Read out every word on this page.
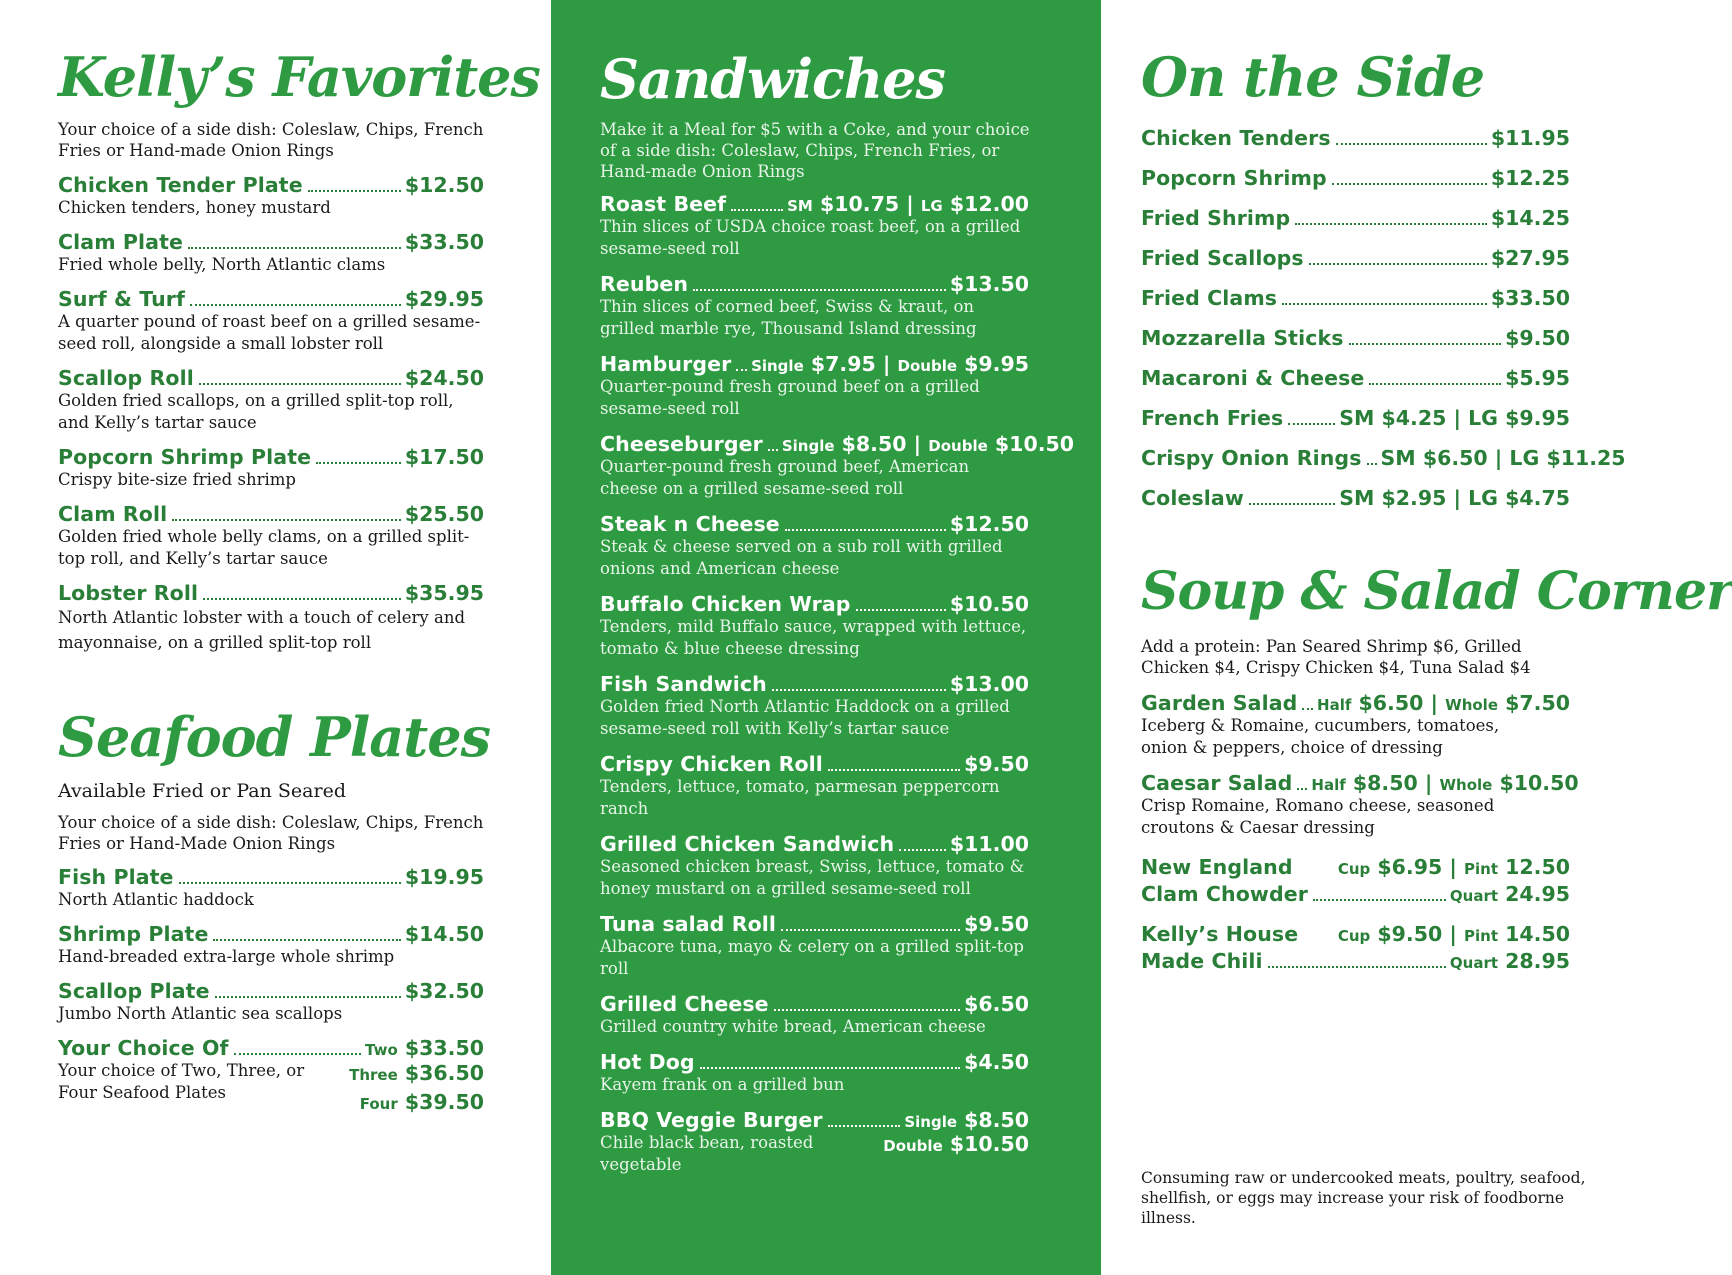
Kelly’s Favorites

Your choice of a side dish: Coleslaw, Chips, French Fries or Hand-made Onion Rings

Chicken Tender Plate	$12.50
Chicken tenders, honey mustard
Clam Plate	$33.50
Fried whole belly, North Atlantic clams
Surf & Turf	$29.95
A quarter pound of roast beef on a grilled sesame-seed roll, alongside a small lobster roll
Scallop Roll	$24.50
Golden fried scallops, on a grilled split-top roll, and Kelly’s tartar sauce
Popcorn Shrimp Plate	$17.50
Crispy bite-size fried shrimp
Clam Roll	$25.50
Golden fried whole belly clams, on a grilled split-top roll, and Kelly’s tartar sauce
Lobster Roll	$35.95
North Atlantic lobster with a touch of celery and mayonnaise, on a grilled split-top roll
Seafood Plates

Available Fried or Pan Seared

Your choice of a side dish: Coleslaw, Chips, French Fries or Hand-Made Onion Rings

Fish Plate	$19.95
North Atlantic haddock
Shrimp Plate	$14.50
Hand-breaded extra-large whole shrimp
Scallop Plate	$32.50
Jumbo North Atlantic sea scallops
Your Choice Of	Two $33.50
Your choice of Two, Three, or Four Seafood Plates
Three $36.50
Four $39.50
Sandwiches

Make it a Meal for $5 with a Coke, and your choice of a side dish: Coleslaw, Chips, French Fries, or Hand-made Onion Rings

Roast Beef	SM $10.75 | LG $12.00
Thin slices of USDA choice roast beef, on a grilled sesame-seed roll
Reuben	$13.50
Thin slices of corned beef, Swiss & kraut, on grilled marble rye, Thousand Island dressing
Hamburger Single $7.95 | Double $9.95
Quarter-pound fresh ground beef on a grilled sesame-seed roll
Cheeseburger Single $8.50 | Double $10.50
Quarter-pound fresh ground beef, American cheese on a grilled sesame-seed roll
Steak n Cheese	$12.50
Steak & cheese served on a sub roll with grilled onions and American cheese
Buffalo Chicken Wrap	$10.50
Tenders, mild Buffalo sauce, wrapped with lettuce, tomato & blue cheese dressing
Fish Sandwich	$13.00
Golden fried North Atlantic Haddock on a grilled sesame-seed roll with Kelly’s tartar sauce
Crispy Chicken Roll	$9.50
Tenders, lettuce, tomato, parmesan peppercorn ranch
Grilled Chicken Sandwich	$11.00
Seasoned chicken breast, Swiss, lettuce, tomato & honey mustard on a grilled sesame-seed roll
Tuna salad Roll	$9.50
Albacore tuna, mayo & celery on a grilled split-top roll
Grilled Cheese	$6.50
Grilled country white bread, American cheese
Hot Dog	$4.50
Kayem frank on a grilled bun
BBQ Veggie Burger	Single $8.50
Chile black bean, roasted vegetable
Double $10.50
On the Side
Chicken Tenders	$11.95
Popcorn Shrimp	$12.25
Fried Shrimp	$14.25
Fried Scallops	$27.95
Fried Clams	$33.50
Mozzarella Sticks	$9.50
Macaroni & Cheese	$5.95
French Fries	SM $4.25 | LG $9.95
Crispy Onion Rings SM $6.50 | LG $11.25
Coleslaw	SM $2.95 | LG $4.75
Soup & Salad Corner

Add a protein: Pan Seared Shrimp $6, Grilled Chicken $4, Crispy Chicken $4, Tuna Salad $4

Garden Salad Half $6.50 | Whole $7.50
Iceberg & Romaine, cucumbers, tomatoes, onion & peppers, choice of dressing
Caesar Salad Half $8.50 | Whole $10.50
Crisp Romaine, Romano cheese, seasoned croutons & Caesar dressing
New England	Cup $6.95 | Pint 12.50
Clam Chowder	Quart 24.95
Kelly’s House	Cup $9.50 | Pint 14.50
Made Chili	Quart 28.95

Consuming raw or undercooked meats, poultry, seafood, shellfish, or eggs may increase your risk of foodborne illness.
